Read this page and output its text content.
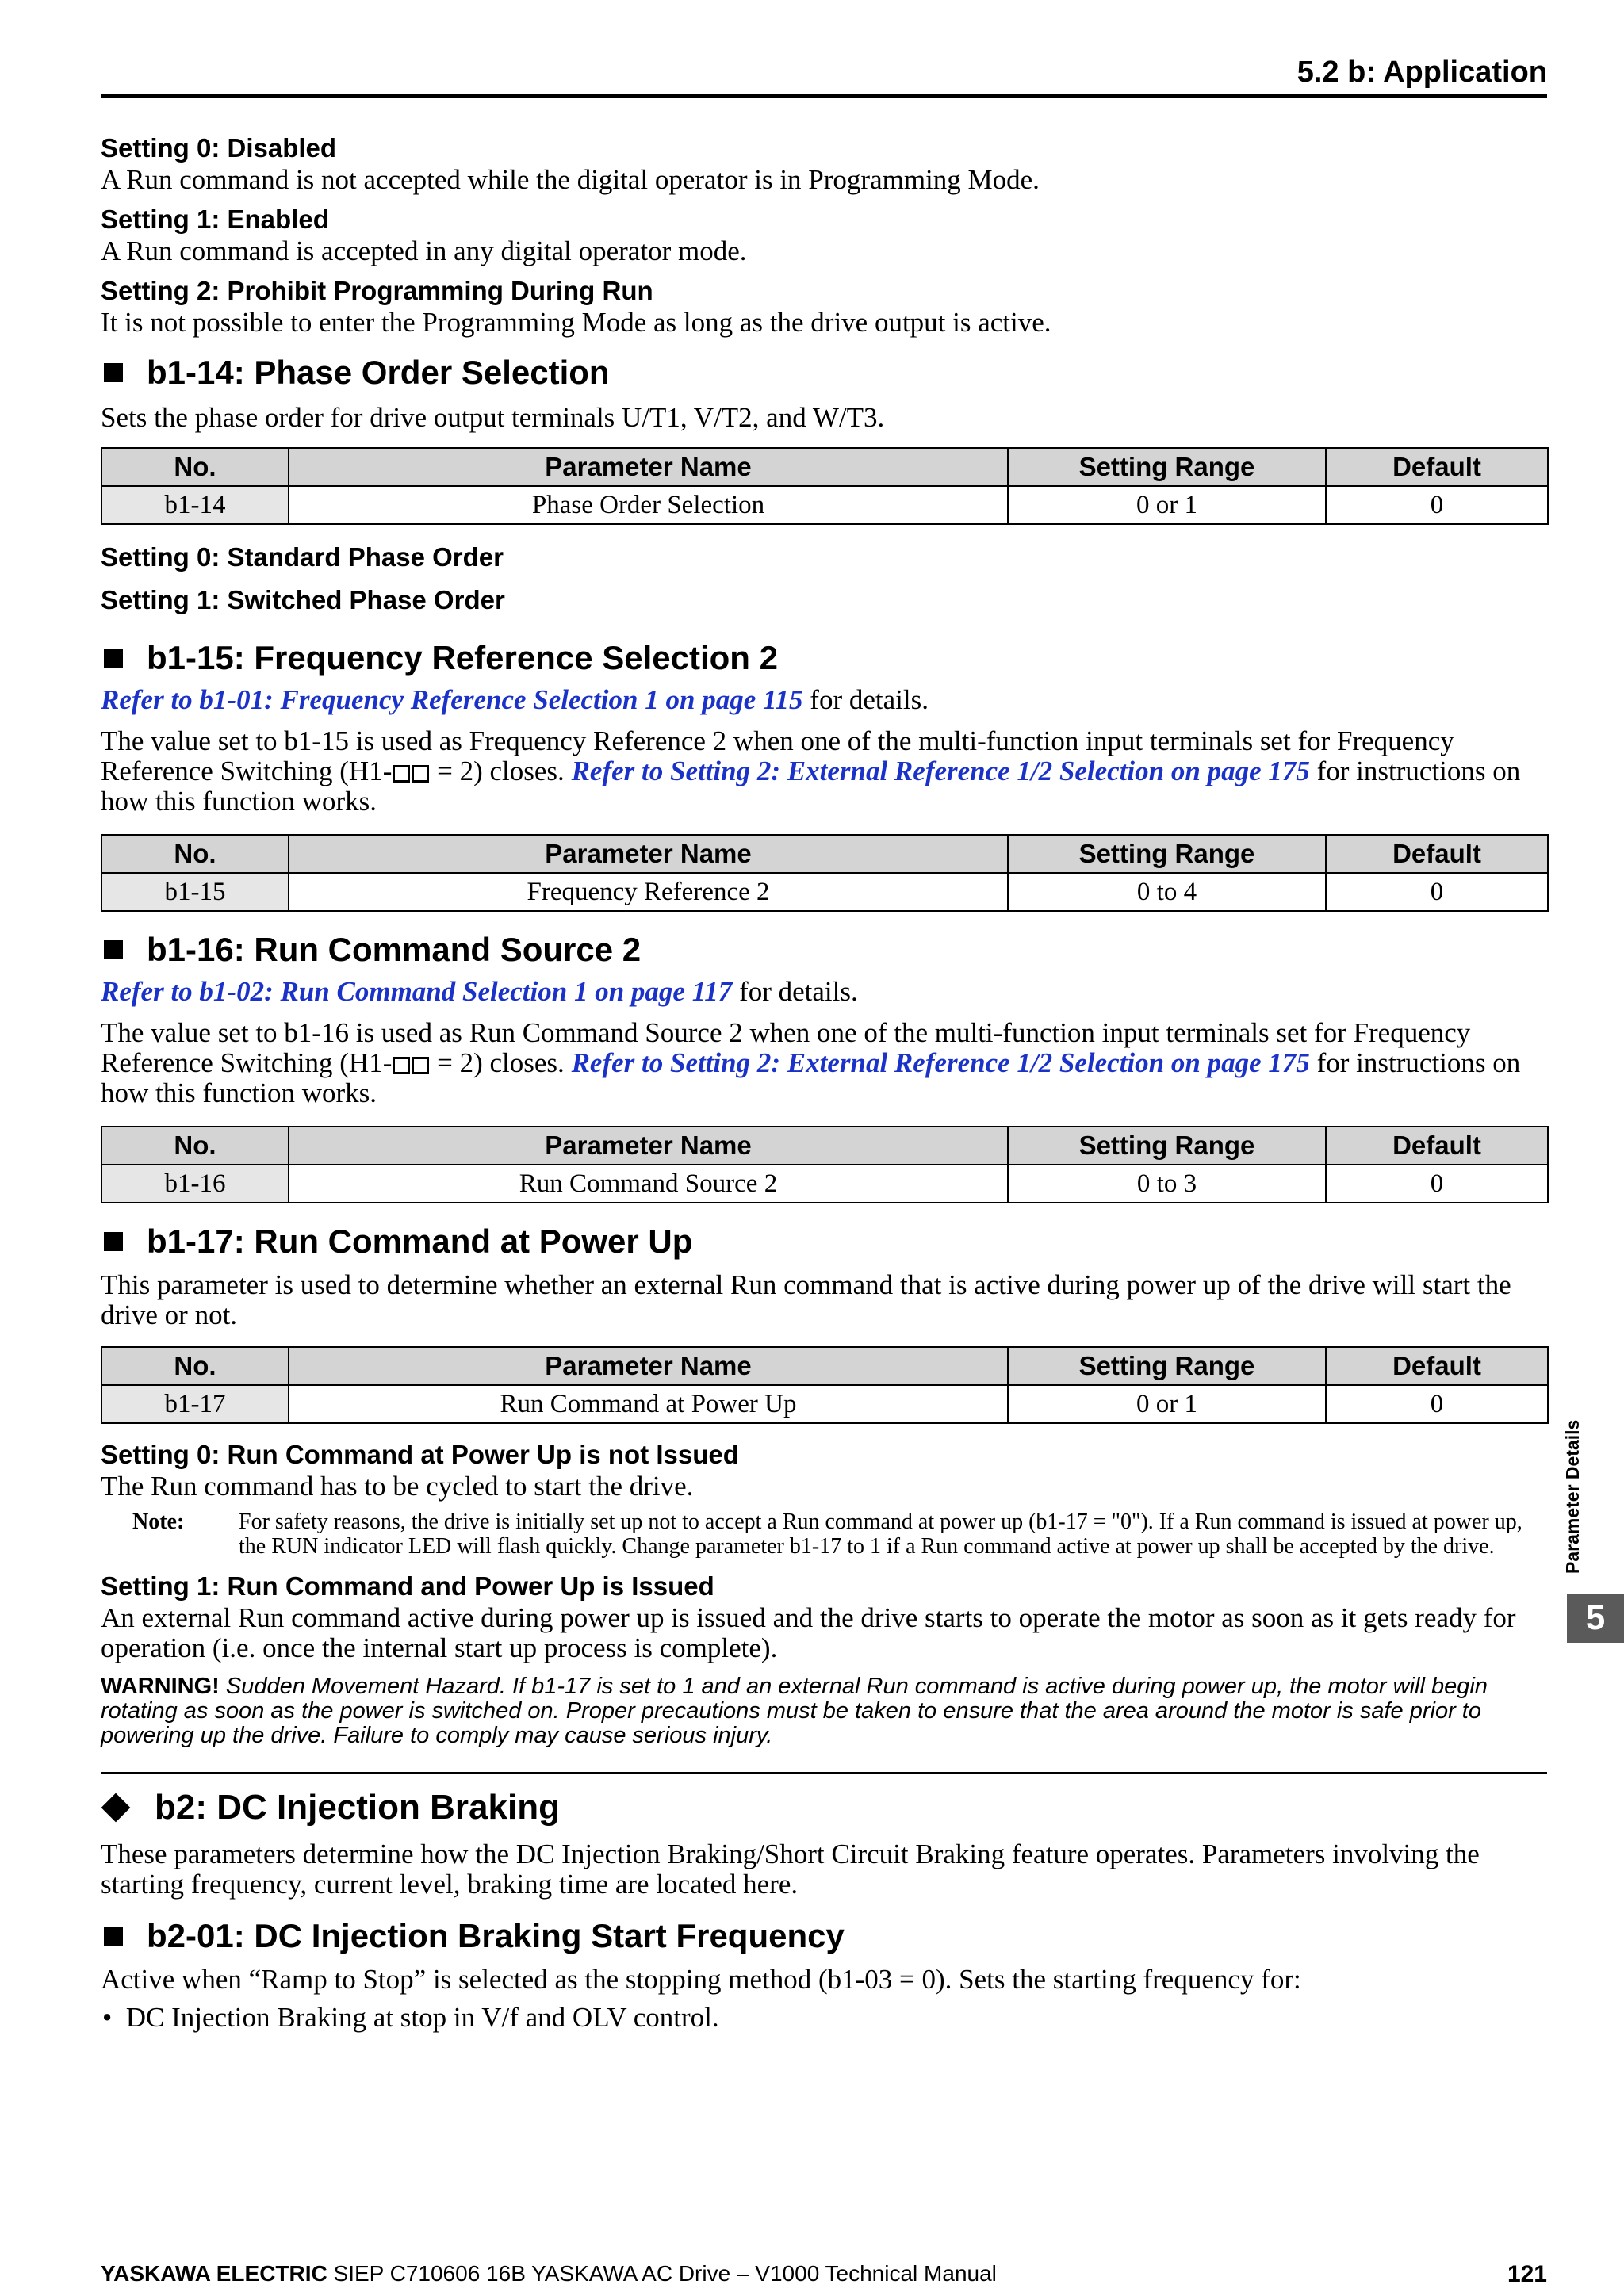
5.2 b: Application

Setting 0: Disabled

A Run command is not accepted while the digital operator is in Programming Mode.

Setting 1: Enabled

A Run command is accepted in any digital operator mode.

Setting 2: Prohibit Programming During Run

It is not possible to enter the Programming Mode as long as the drive output is active.

b1-14: Phase Order Selection

Sets the phase order for drive output terminals U/T1, V/T2, and W/T3.

No.	Parameter Name	Setting Range	Default
b1-14	Phase Order Selection	0 or 1	0

Setting 0: Standard Phase Order

Setting 1: Switched Phase Order

b1-15: Frequency Reference Selection 2

Refer to b1-01: Frequency Reference Selection 1 on page 115 for details.

The value set to b1-15 is used as Frequency Reference 2 when one of the multi-function input terminals set for Frequency Reference Switching (H1- = 2) closes. Refer to Setting 2: External Reference 1/2 Selection on page 175 for instructions on how this function works.

No.	Parameter Name	Setting Range	Default
b1-15	Frequency Reference 2	0 to 4	0
b1-16: Run Command Source 2

Refer to b1-02: Run Command Selection 1 on page 117 for details.

The value set to b1-16 is used as Run Command Source 2 when one of the multi-function input terminals set for Frequency Reference Switching (H1- = 2) closes. Refer to Setting 2: External Reference 1/2 Selection on page 175 for instructions on how this function works.

No.	Parameter Name	Setting Range	Default
b1-16	Run Command Source 2	0 to 3	0
b1-17: Run Command at Power Up

This parameter is used to determine whether an external Run command that is active during power up of the drive will start the drive or not.

No.	Parameter Name	Setting Range	Default
b1-17	Run Command at Power Up	0 or 1	0

Setting 0: Run Command at Power Up is not Issued

The Run command has to be cycled to start the drive.

Note:	For safety reasons, the drive is initially set up not to accept a Run command at power up (b1-17 = "0"). If a Run command is issued at power up, the RUN indicator LED will flash quickly. Change parameter b1-17 to 1 if a Run command active at power up shall be accepted by the drive.

Setting 1: Run Command and Power Up is Issued

An external Run command active during power up is issued and the drive starts to operate the motor as soon as it gets ready for operation (i.e. once the internal start up process is complete).

WARNING! Sudden Movement Hazard. If b1-17 is set to 1 and an external Run command is active during power up, the motor will begin rotating as soon as the power is switched on. Proper precautions must be taken to ensure that the area around the motor is safe prior to powering up the drive. Failure to comply may cause serious injury.

b2: DC Injection Braking

These parameters determine how the DC Injection Braking/Short Circuit Braking feature operates. Parameters involving the starting frequency, current level, braking time are located here.

b2-01: DC Injection Braking Start Frequency

Active when “Ramp to Stop” is selected as the stopping method (b1-03 = 0). Sets the starting frequency for:

•  DC Injection Braking at stop in V/f and OLV control.

Parameter Details
5
YASKAWA ELECTRIC SIEP C710606 16B YASKAWA AC Drive – V1000 Technical Manual	121
